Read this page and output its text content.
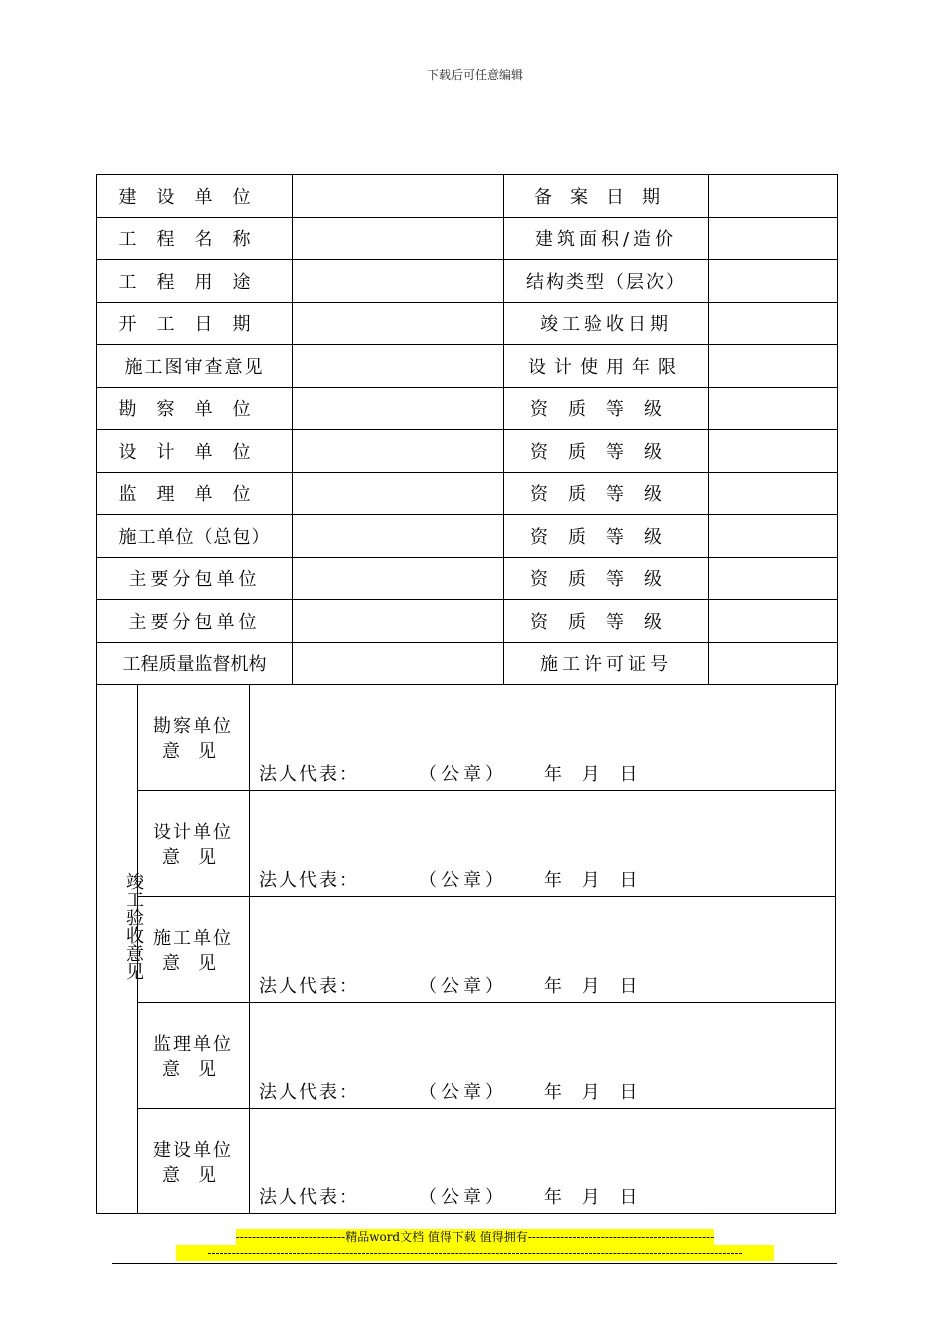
下载后可任意编辑
建设单位		备案日期	
工程名称		建筑面积/造价	
工程用途		结构类型（层次）	
开工日期		竣工验收日期	
施工图审查意见		设计使用年限	
勘察单位		资质等级	
设计单位		资质等级	
监理单位		资质等级	
施工单位（总包）		资质等级	
主要分包单位		资质等级	
主要分包单位		资质等级	
工程质量监督机构		施工许可证号	
竣工验收意见
勘察单位
意见
法人代表：	（公章） 年 月 日
设计单位
意见
法人代表：	（公章） 年 月 日
施工单位
意见
法人代表：	（公章） 年 月 日
监理单位
意见
法人代表：	（公章） 年 月 日
建设单位
意见
法人代表：	（公章） 年 月 日
---------------------------精品word文档 值得下载 值得拥有----------------------------------------------
------------------------------------------------------------------------------------------------------------------------------------
